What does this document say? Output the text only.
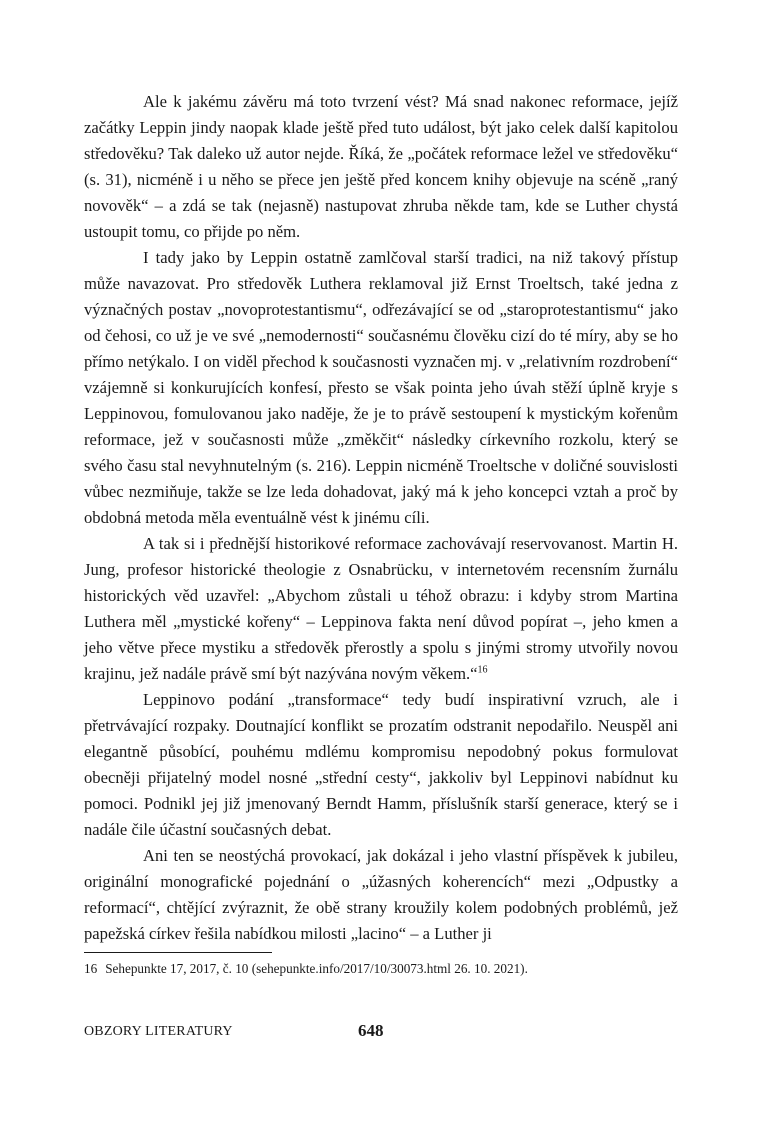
Ale k jakému závěru má toto tvrzení vést? Má snad nakonec reformace, jejíž začátky Leppin jindy naopak klade ještě před tuto událost, být jako celek další kapitolou středověku? Tak daleko už autor nejde. Říká, že „počátek reformace ležel ve středověku“ (s. 31), nicméně i u něho se přece jen ještě před koncem knihy objevuje na scéně „raný novověk“ – a zdá se tak (nejasně) nastupovat zhruba někde tam, kde se Luther chystá ustoupit tomu, co přijde po něm.

I tady jako by Leppin ostatně zamlčoval starší tradici, na niž takový přístup může navazovat. Pro středověk Luthera reklamoval již Ernst Troeltsch, také jedna z význačných postav „novoprotestantismu“, odřezávající se od „staroprotestantismu“ jako od čehosi, co už je ve své „nemodernosti“ současnému člověku cizí do té míry, aby se ho přímo netýkalo. I on viděl přechod k současnosti vyznačen mj. v „relativním rozdrobení“ vzájemně si konkurujících konfesí, přesto se však pointa jeho úvah stěží úplně kryje s Leppinovou, fomulovanou jako naděje, že je to právě sestoupení k mystickým kořenům reformace, jež v současnosti může „změkčit“ následky církevního rozkolu, který se svého času stal nevyhnutelným (s. 216). Leppin nicméně Troeltsche v doličné souvislosti vůbec nezmiňuje, takže se lze leda dohadovat, jaký má k jeho koncepci vztah a proč by obdobná metoda měla eventuálně vést k jinému cíli.

A tak si i přednější historikové reformace zachovávají reservovanost. Martin H. Jung, profesor historické theologie z Osnabrücku, v internetovém recensním žurnálu historických věd uzavřel: „Abychom zůstali u téhož obrazu: i kdyby strom Martina Luthera měl „mystické kořeny“ – Leppinova fakta není důvod popírat –, jeho kmen a jeho větve přece mystiku a středověk přerostly a spolu s jinými stromy utvořily novou krajinu, jež nadále právě smí být nazývána novým věkem.“$^{16}$

Leppinovo podání „transformace“ tedy budí inspirativní vzruch, ale i přetrvávající rozpaky. Doutnající konflikt se prozatím odstranit nepodařilo. Neuspěl ani elegantně působící, pouhému mdlému kompromisu nepodobný pokus formulovat obecněji přijatelný model nosné „střední cesty“, jakkoliv byl Leppinovi nabídnut ku pomoci. Podnikl jej již jmenovaný Berndt Hamm, příslušník starší generace, který se i nadále čile účastní současných debat.

Ani ten se neostýchá provokací, jak dokázal i jeho vlastní příspěvek k jubileu, originální monografické pojednání o „úžasných koherencích“ mezi „Odpustky a reformací“, chtějící zvýraznit, že obě strany kroužily kolem podobných problémů, jež papežská církev řešila nabídkou milosti „lacino“ – a Luther ji

16 Sehepunkte 17, 2017, č. 10 (sehepunkte.info/2017/10/30073.html 26. 10. 2021).
OBZORY LITERATURY	648
